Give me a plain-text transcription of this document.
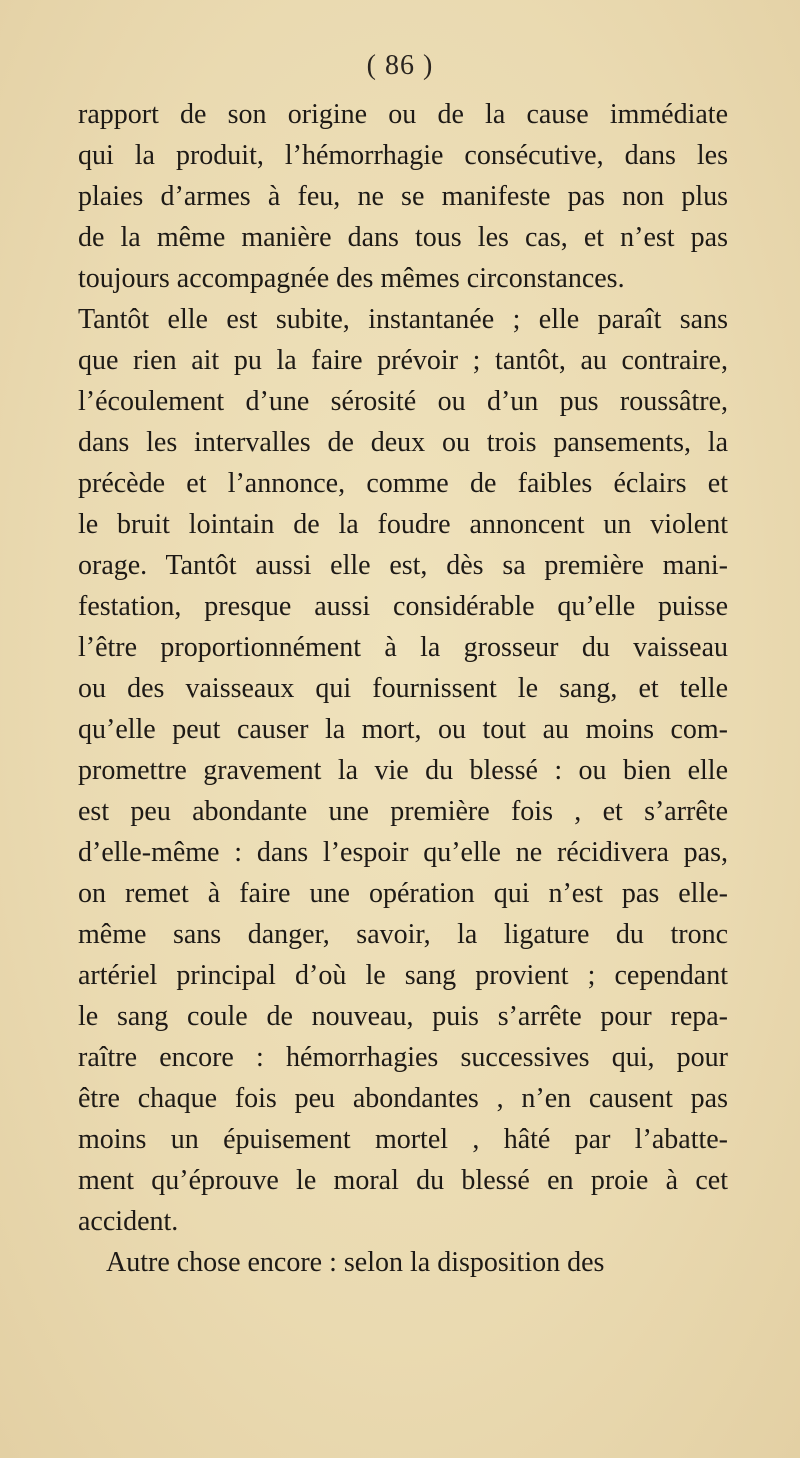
( 86 )
rapport de son origine ou de la cause immédiate
qui la produit, l’hémorrhagie consécutive, dans les
plaies d’armes à feu, ne se manifeste pas non plus
de la même manière dans tous les cas, et n’est pas
toujours accompagnée des mêmes circonstances.
Tantôt elle est subite, instantanée ; elle paraît sans
que rien ait pu la faire prévoir ; tantôt, au contraire,
l’écoulement d’une sérosité ou d’un pus roussâtre,
dans les intervalles de deux ou trois pansements, la
précède et l’annonce, comme de faibles éclairs et
le bruit lointain de la foudre annoncent un violent
orage. Tantôt aussi elle est, dès sa première mani-
festation, presque aussi considérable qu’elle puisse
l’être proportionnément à la grosseur du vaisseau
ou des vaisseaux qui fournissent le sang, et telle
qu’elle peut causer la mort, ou tout au moins com-
promettre gravement la vie du blessé : ou bien elle
est peu abondante une première fois , et s’arrête
d’elle-même : dans l’espoir qu’elle ne récidivera pas,
on remet à faire une opération qui n’est pas elle-
même sans danger, savoir, la ligature du tronc
artériel principal d’où le sang provient ; cependant
le sang coule de nouveau, puis s’arrête pour repa-
raître encore : hémorrhagies successives qui, pour
être chaque fois peu abondantes , n’en causent pas
moins un épuisement mortel , hâté par l’abatte-
ment qu’éprouve le moral du blessé en proie à cet
accident.
Autre chose encore : selon la disposition des
